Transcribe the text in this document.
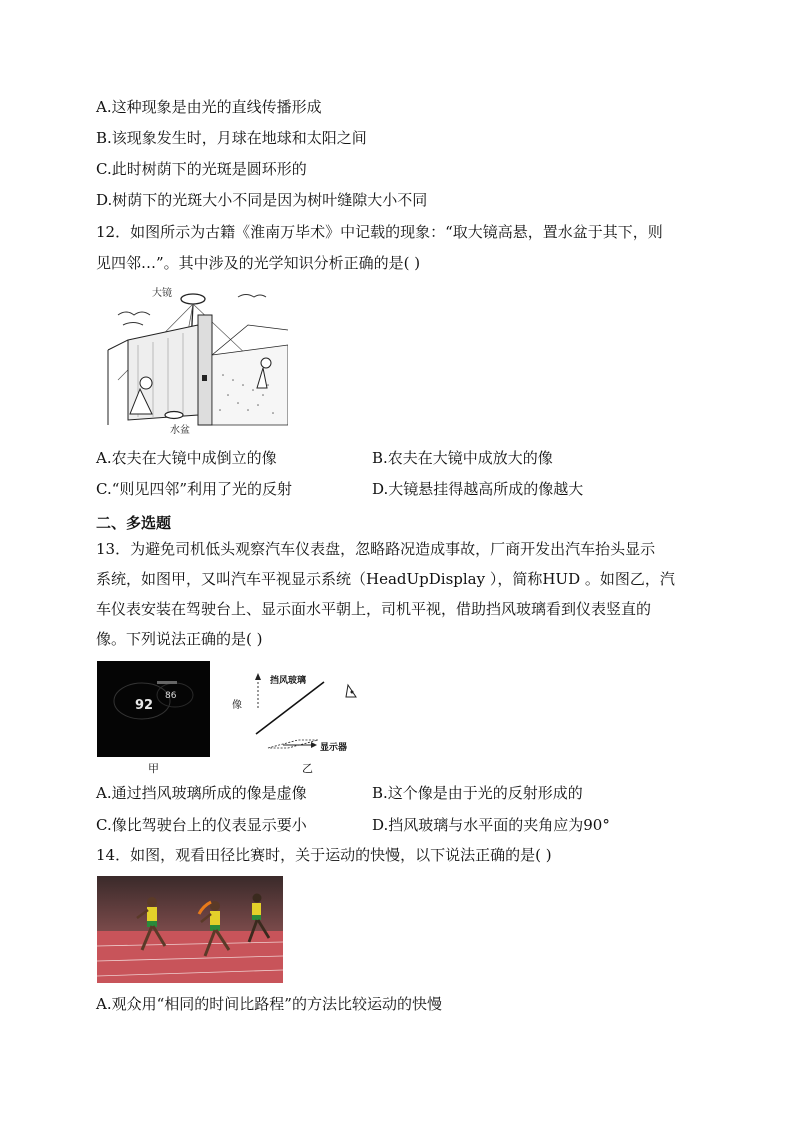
A.这种现象是由光的直线传播形成
B.该现象发生时，月球在地球和太阳之间
C.此时树荫下的光斑是圆环形的
D.树荫下的光斑大小不同是因为树叶缝隙大小不同
12．如图所示为古籍《淮南万毕术》中记载的现象：“取大镜高悬，置水盆于其下，则
见四邻…”。其中涉及的光学知识分析正确的是( )
大镜
水盆
A.农夫在大镜中成倒立的像	B.农夫在大镜中成放大的像
C.“则见四邻”利用了光的反射	D.大镜悬挂得越高所成的像越大
二、多选题
13．为避免司机低头观察汽车仪表盘，忽略路况造成事故，厂商开发出汽车抬头显示
系统，如图甲，又叫汽车平视显示系统（HeadUpDisplay ），简称HUD 。如图乙，汽
车仪表安装在驾驶台上、显示面水平朝上，司机平视，借助挡风玻璃看到仪表竖直的
像。下列说法正确的是( )
92
86
甲
像
挡风玻璃
显示器
乙
A.通过挡风玻璃所成的像是虚像	B.这个像是由于光的反射形成的
C.像比驾驶台上的仪表显示要小	D.挡风玻璃与水平面的夹角应为90°
14．如图，观看田径比赛时，关于运动的快慢，以下说法正确的是( )
A.观众用“相同的时间比路程”的方法比较运动的快慢
